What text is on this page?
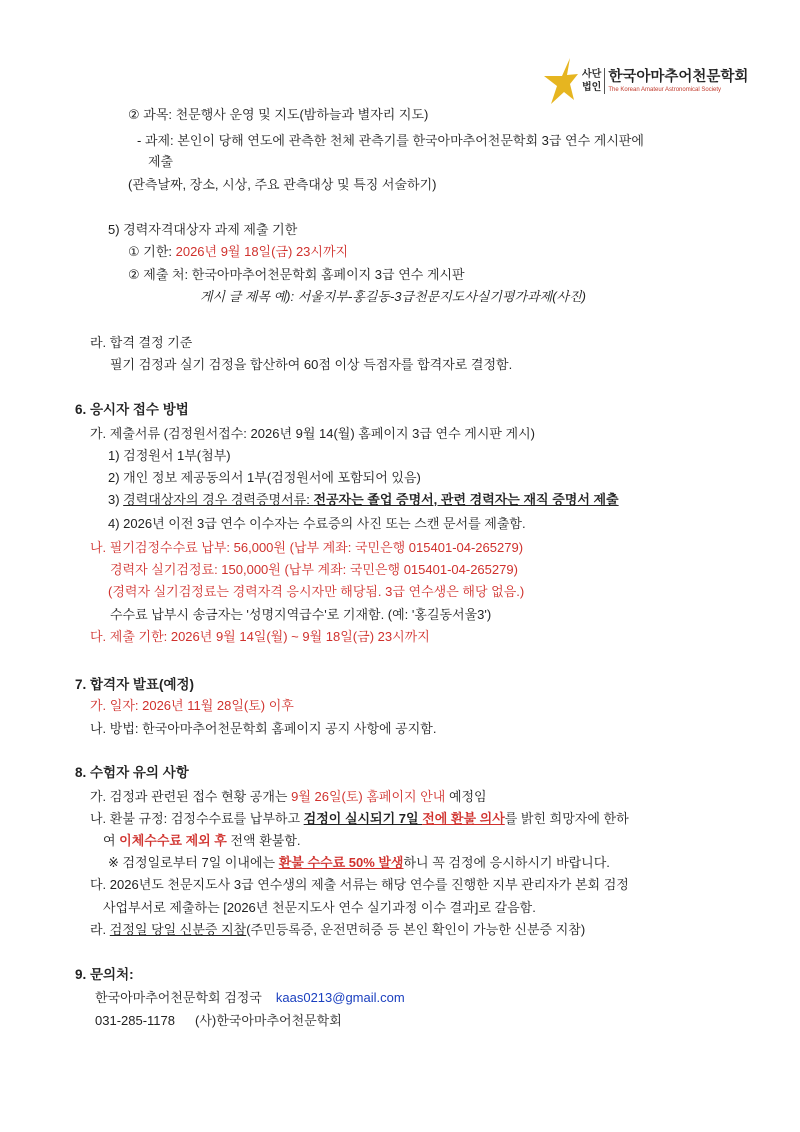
사단
법인
한국아마추어천문학회
The Korean Amateur Astronomical Society
② 과목: 천문행사 운영 및 지도(밤하늘과 별자리 지도)
- 과제: 본인이 당해 연도에 관측한 천체 관측기를 한국아마추어천문학회 3급 연수 게시판에
제출
(관측날짜, 장소, 시상, 주요 관측대상 및 특징 서술하기)
5) 경력자격대상자 과제 제출 기한
① 기한: 2026년 9월 18일(금) 23시까지
② 제출 처: 한국아마추어천문학회 홈페이지 3급 연수 게시판
게시 글 제목 예): 서울지부-홍길동-3급천문지도사실기평가과제(사진)
라. 합격 결정 기준
필기 검정과 실기 검정을 합산하여 60점 이상 득점자를 합격자로 결정함.
6. 응시자 접수 방법
가. 제출서류 (검정원서접수: 2026년 9월 14(월) 홈페이지 3급 연수 게시판 게시)
1) 검정원서 1부(첨부)
2) 개인 정보 제공동의서 1부(검정원서에 포함되어 있음)
3) 경력대상자의 경우 경력증명서류: 전공자는 졸업 증명서, 관련 경력자는 재직 증명서 제출
4) 2026년 이전 3급 연수 이수자는 수료증의 사진 또는 스캔 문서를 제출함.
나. 필기검정수수료 납부: 56,000원 (납부 계좌: 국민은행 015401-04-265279)
경력자 실기검정료: 150,000원 (납부 계좌: 국민은행 015401-04-265279)
(경력자 실기검정료는 경력자격 응시자만 해당됨. 3급 연수생은 해당 없음.)
수수료 납부시 송금자는 '성명지역급수'로 기재함. (예: '홍길동서울3')
다. 제출 기한: 2026년 9월 14일(월) ~ 9월 18일(금) 23시까지
7. 합격자 발표(예정)
가. 일자: 2026년 11월 28일(토) 이후
나. 방법: 한국아마추어천문학회 홈페이지 공지 사항에 공지함.
8. 수험자 유의 사항
가. 검정과 관련된 접수 현황 공개는 9월 26일(토) 홈페이지 안내 예정임
나. 환불 규정: 검정수수료를 납부하고 검정이 실시되기 7일 전에 환불 의사를 밝힌 희망자에 한하
여 이체수수료 제외 후 전액 환불함.
※ 검정일로부터 7일 이내에는 환불 수수료 50% 발생하니 꼭 검정에 응시하시기 바랍니다.
다. 2026년도 천문지도사 3급 연수생의 제출 서류는 해당 연수를 진행한 지부 관리자가 본회 검정
사업부서로 제출하는 [2026년 천문지도사 연수 실기과정 이수 결과]로 갈음함.
라. 검정일 당일 신분증 지참(주민등록증, 운전면허증 등 본인 확인이 가능한 신분증 지참)
9. 문의처:
한국아마추어천문학회 검정국 kaas0213@gmail.com
031-285-1178 (사)한국아마추어천문학회
